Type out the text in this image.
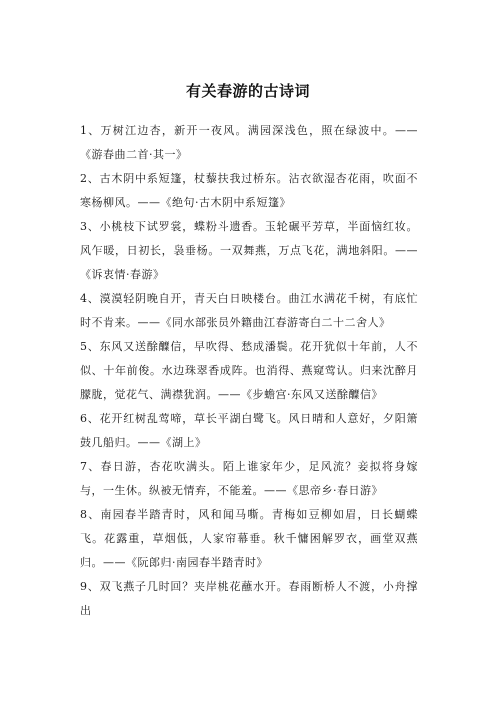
有关春游的古诗词

1、万树江边杏，新开一夜风。满园深浅色，照在绿波中。——《游春曲二首·其一》

2、古木阴中系短篷，杖藜扶我过桥东。沾衣欲湿杏花雨，吹面不寒杨柳风。——《绝句·古木阴中系短篷》

3、小桃枝下试罗裳，蝶粉斗遗香。玉轮碾平芳草，半面恼红妆。风乍暖，日初长，袅垂杨。一双舞燕，万点飞花，满地斜阳。——《诉衷情·春游》

4、漠漠轻阴晚自开，青天白日映楼台。曲江水满花千树，有底忙时不肯来。——《同水部张员外籍曲江春游寄白二十二舍人》

5、东风又送酴醾信，早吹得、愁成潘鬓。花开犹似十年前，人不似、十年前俊。水边珠翠香成阵。也消得、燕窥莺认。归来沈醉月朦胧，觉花气、满襟犹润。——《步蟾宫·东风又送酴醾信》

6、花开红树乱莺啼，草长平湖白鹭飞。风日晴和人意好，夕阳箫鼓几船归。——《湖上》

7、春日游，杏花吹满头。陌上谁家年少，足风流？妾拟将身嫁与，一生休。纵被无情弃，不能羞。——《思帝乡·春日游》

8、南园春半踏青时，风和闻马嘶。青梅如豆柳如眉，日长蝴蝶飞。花露重，草烟低，人家帘幕垂。秋千慵困解罗衣，画堂双燕归。——《阮郎归·南园春半踏青时》

9、双飞燕子几时回？夹岸桃花蘸水开。春雨断桥人不渡，小舟撑出
